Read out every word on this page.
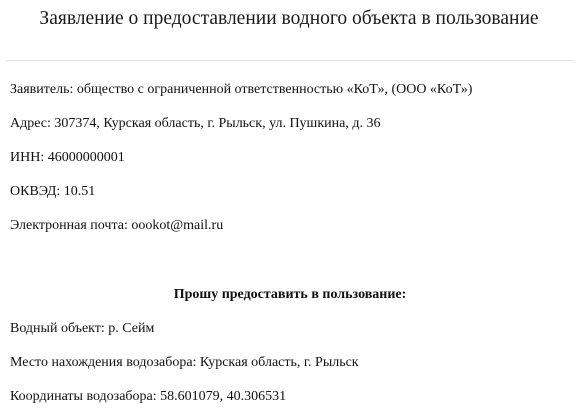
Заявление о предоставлении водного объекта в пользование
Заявитель: общество с ограниченной ответственностью «КоТ», (ООО «КоТ»)
Адрес: 307374, Курская область, г. Рыльск, ул. Пушкина, д. 36
ИНН: 46000000001
ОКВЭД: 10.51
Электронная почта: oookot@mail.ru
Прошу предоставить в пользование:
Водный объект: р. Сейм
Место нахождения водозабора: Курская область, г. Рыльск
Координаты водозабора: 58.601079, 40.306531
